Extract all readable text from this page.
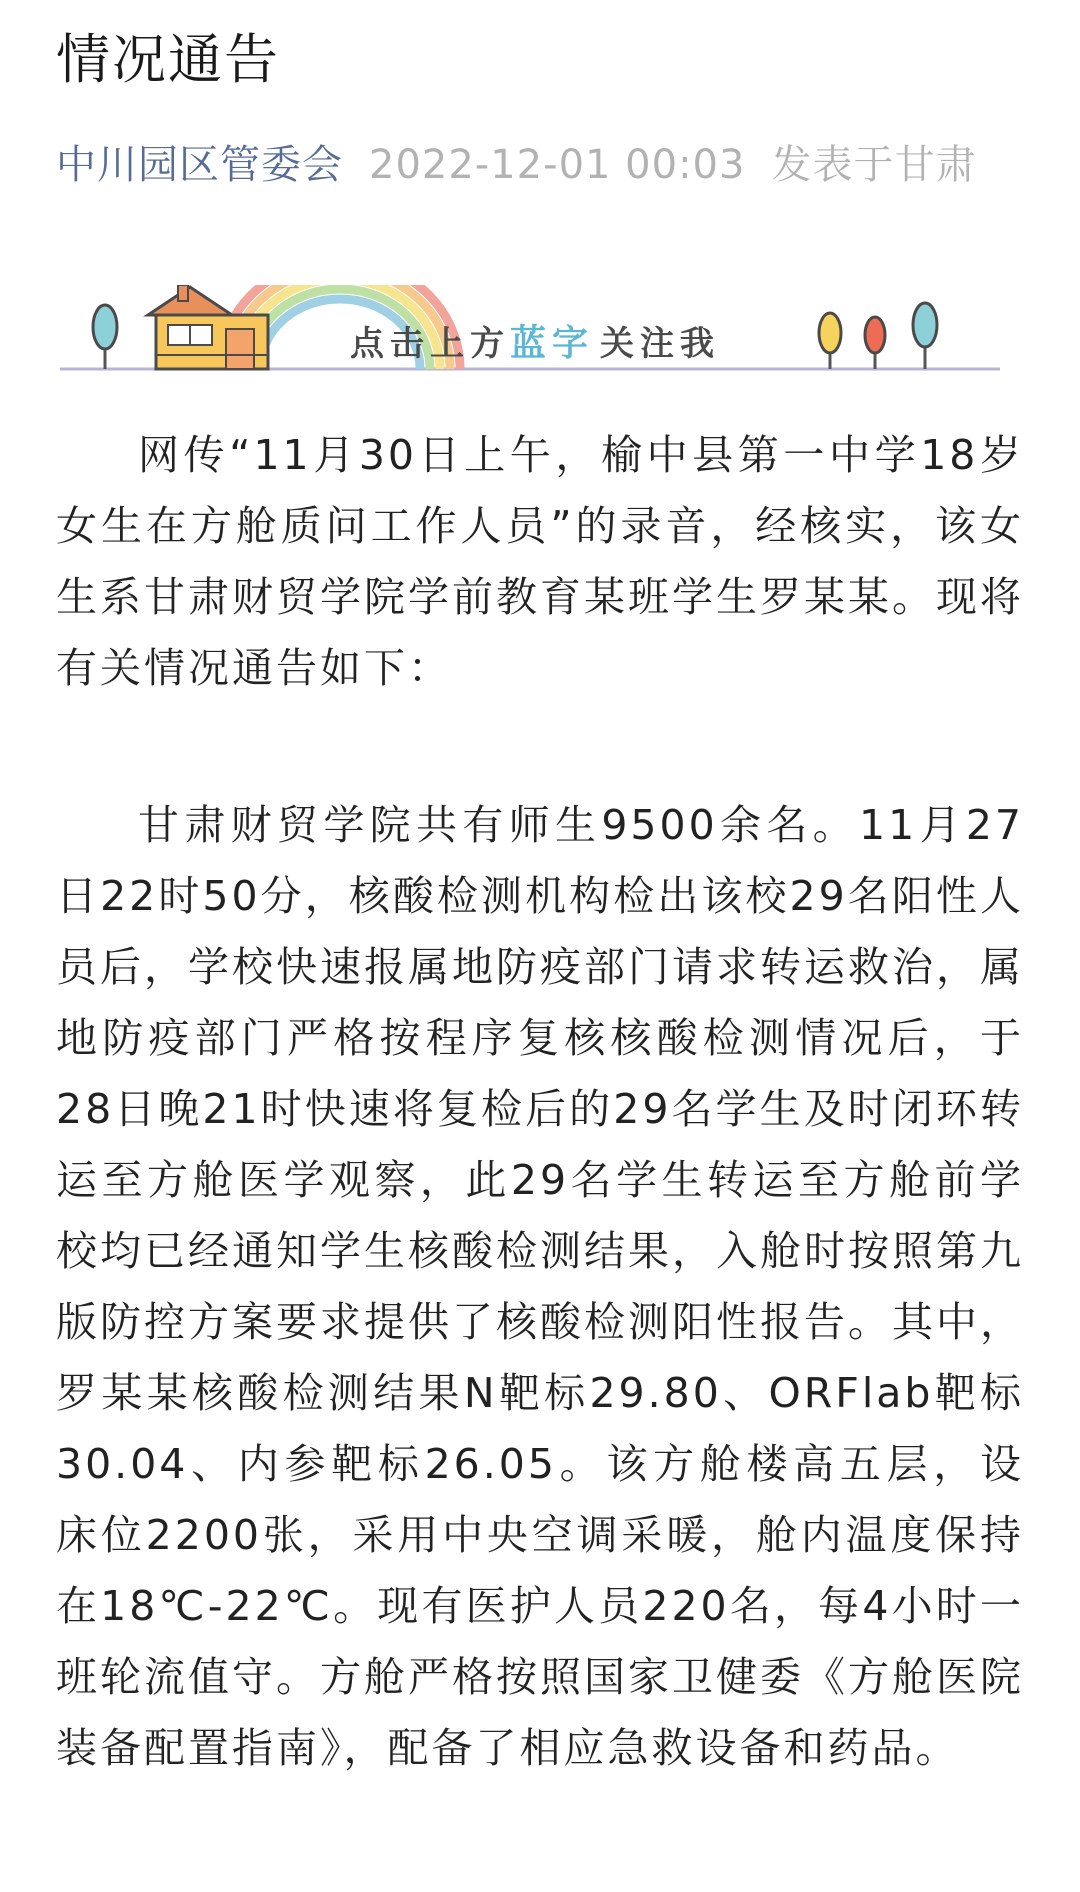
情况通告
中川园区管委会 2022-12-01 00:03 发表于甘肃
点击上方 蓝字 关注我

网传“11月30日上午，榆中县第一中学18岁女生在方舱质问工作人员”的录音，经核实，该女生系甘肃财贸学院学前教育某班学生罗某某。现将有关情况通告如下：

甘肃财贸学院共有师生9500余名。11月27日22时50分，核酸检测机构检出该校29名阳性人员后，学校快速报属地防疫部门请求转运救治，属地防疫部门严格按程序复核核酸检测情况后，于28日晚21时快速将复检后的29名学生及时闭环转运至方舱医学观察，此29名学生转运至方舱前学校均已经通知学生核酸检测结果，入舱时按照第九版防控方案要求提供了核酸检测阳性报告。其中，罗某某核酸检测结果N靶标29.80、ORFlab靶标 30.04、内参靶标26.05。该方舱楼高五层，设床位2200张，采用中央空调采暖，舱内温度保持在18℃-22℃。现有医护人员220名，每4小时一班轮流值守。方舱严格按照国家卫健委《方舱医院装备配置指南》，配备了相应急救设备和药品。
